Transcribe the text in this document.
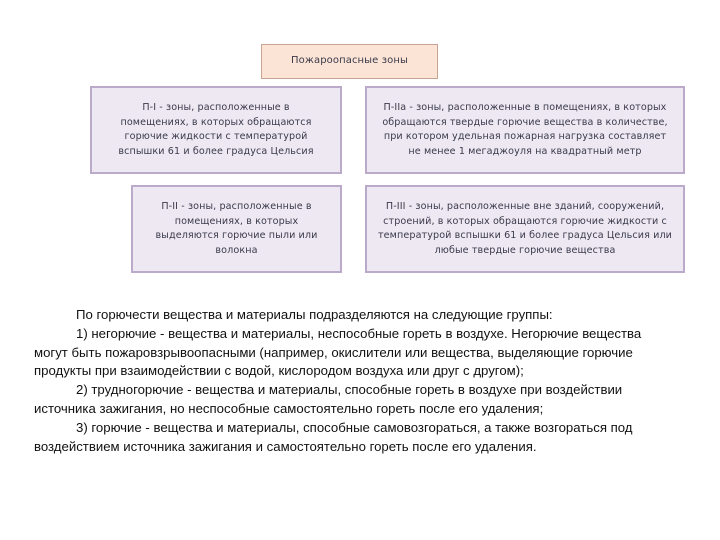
Пожароопасные зоны
П-I - зоны, расположенные в помещениях, в которых обращаются горючие жидкости с температурой вспышки 61 и более градуса Цельсия
П-IIa - зоны, расположенные в помещениях, в которых обращаются твердые горючие вещества в количестве, при котором удельная пожарная нагрузка составляет не менее 1 мегаджоуля на квадратный метр
П-II - зоны, расположенные в помещениях, в которых выделяются горючие пыли или волокна
П-III - зоны, расположенные вне зданий, сооружений, строений, в которых обращаются горючие жидкости с температурой вспышки 61 и более градуса Цельсия или любые твердые горючие вещества

По горючести вещества и материалы подразделяются на следующие группы:

1) негорючие - вещества и материалы, неспособные гореть в воздухе. Негорючие вещества могут быть пожаровзрывоопасными (например, окислители или вещества, выделяющие горючие продукты при взаимодействии с водой, кислородом воздуха или друг с другом);

2) трудногорючие - вещества и материалы, способные гореть в воздухе при воздействии источника зажигания, но неспособные самостоятельно гореть после его удаления;

3) горючие - вещества и материалы, способные самовозгораться, а также возгораться под воздействием источника зажигания и самостоятельно гореть после его удаления.
